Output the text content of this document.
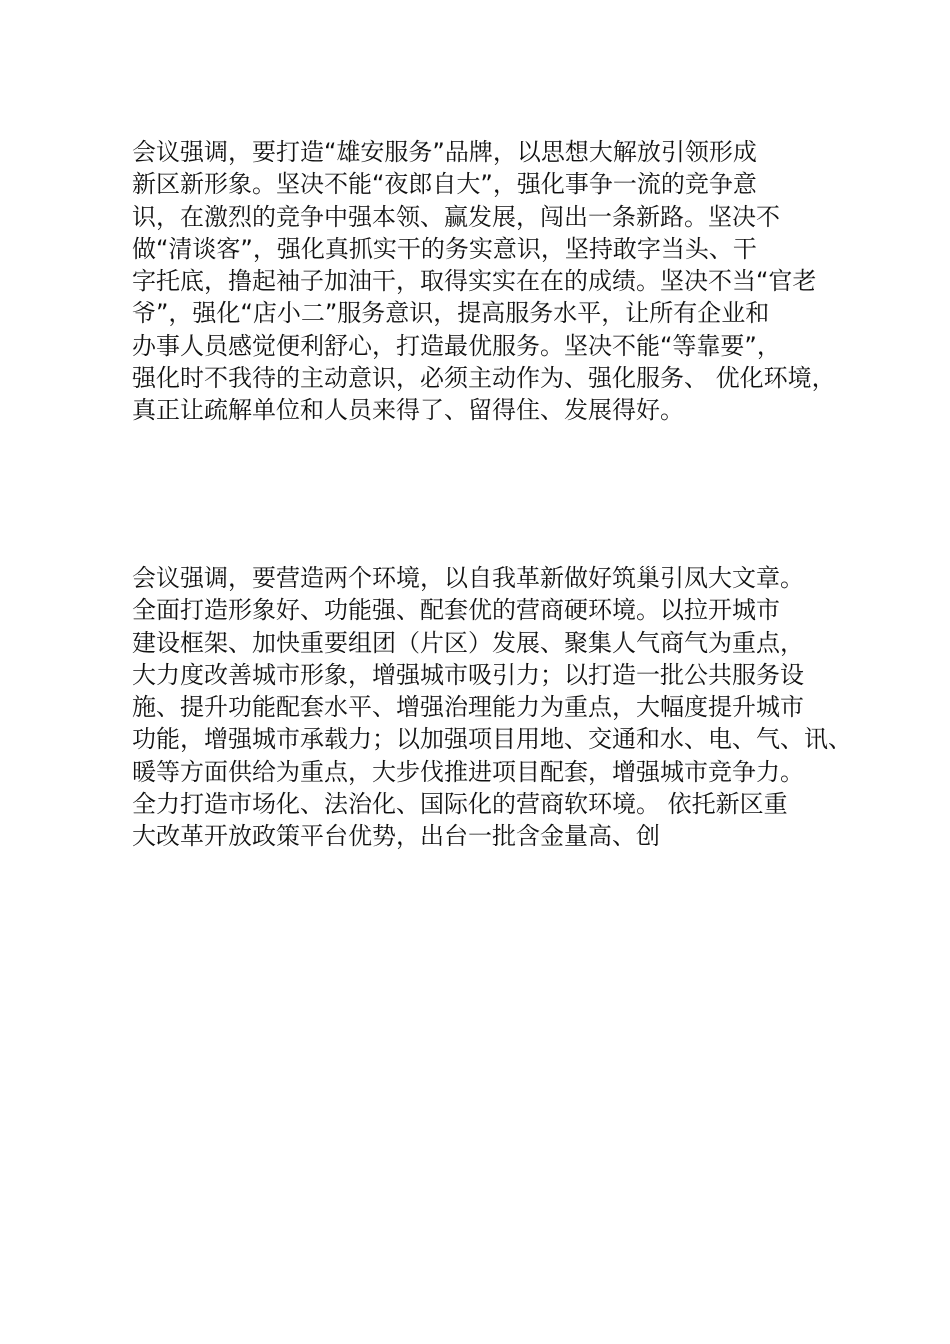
会议强调，要打造“雄安服务”品牌，以思想大解放引领形成
新区新形象。坚决不能“夜郎自大”，强化事争一流的竞争意
识，在激烈的竞争中强本领、赢发展，闯出一条新路。坚决不
做“清谈客”，强化真抓实干的务实意识，坚持敢字当头、干
字托底，撸起袖子加油干，取得实实在在的成绩。坚决不当“官老
爷”，强化“店小二”服务意识，提高服务水平，让所有企业和
办事人员感觉便利舒心，打造最优服务。坚决不能“等靠要”，
强化时不我待的主动意识，必须主动作为、强化服务、 优化环境，
真正让疏解单位和人员来得了、留得住、发展得好。
会议强调，要营造两个环境，以自我革新做好筑巢引凤大文章。
全面打造形象好、功能强、配套优的营商硬环境。以拉开城市
建设框架、加快重要组团（片区）发展、聚集人气商气为重点，
大力度改善城市形象，增强城市吸引力；以打造一批公共服务设
施、提升功能配套水平、增强治理能力为重点，大幅度提升城市
功能，增强城市承载力；以加强项目用地、交通和水、电、气、讯、
暖等方面供给为重点，大步伐推进项目配套，增强城市竞争力。
全力打造市场化、法治化、国际化的营商软环境。 依托新区重
大改革开放政策平台优势，出台一批含金量高、创
